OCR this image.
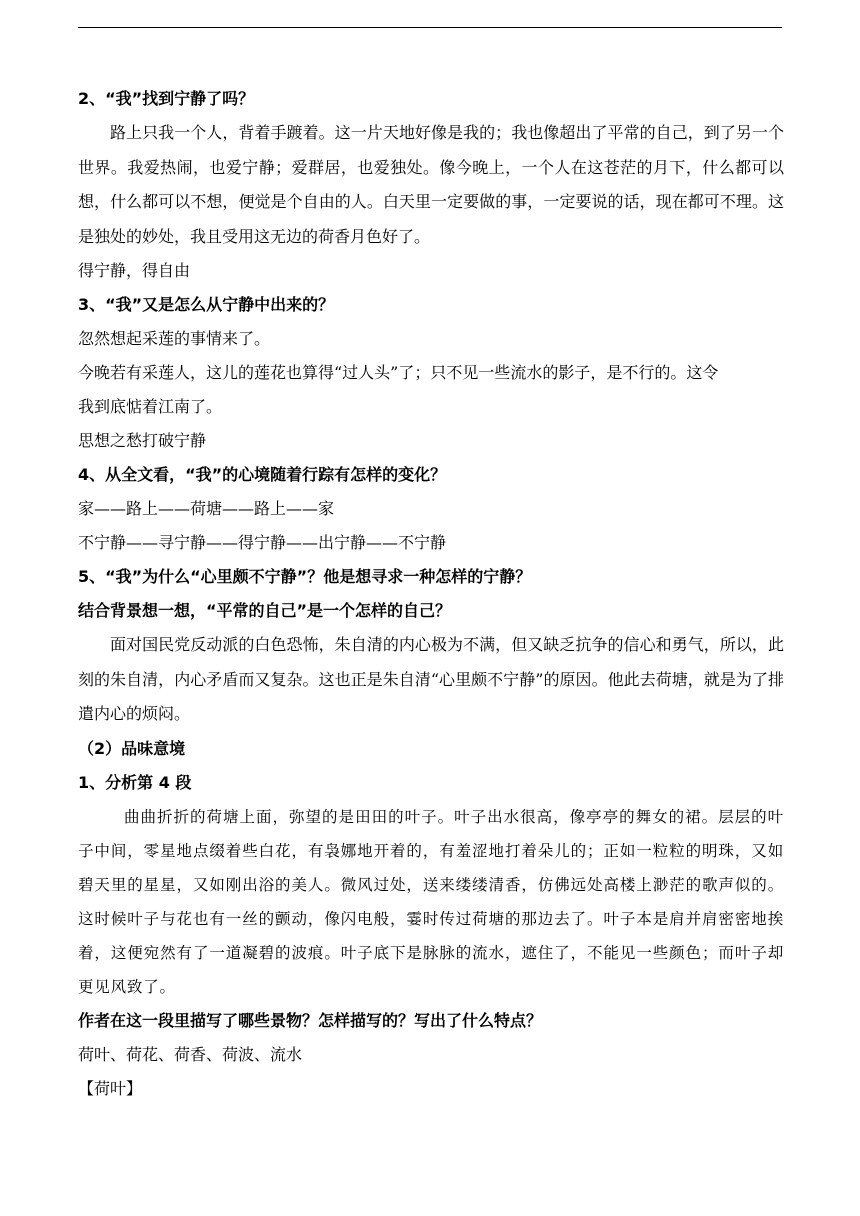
2、“我”找到宁静了吗？

路上只我一个人，背着手踱着。这一片天地好像是我的；我也像超出了平常的自己，到了另一个世界。我爱热闹，也爱宁静；爱群居，也爱独处。像今晚上，一个人在这苍茫的月下，什么都可以想，什么都可以不想，便觉是个自由的人。白天里一定要做的事，一定要说的话，现在都可不理。这是独处的妙处，我且受用这无边的荷香月色好了。

得宁静，得自由

3、“我”又是怎么从宁静中出来的？

忽然想起采莲的事情来了。

今晚若有采莲人，这儿的莲花也算得“过人头”了；只不见一些流水的影子，是不行的。这令

我到底惦着江南了。

思想之愁打破宁静

4、从全文看，“我”的心境随着行踪有怎样的变化？

家——路上——荷塘——路上——家

不宁静——寻宁静——得宁静——出宁静——不宁静

5、“我”为什么“心里颇不宁静”？他是想寻求一种怎样的宁静？

结合背景想一想，“平常的自己”是一个怎样的自己？

面对国民党反动派的白色恐怖，朱自清的内心极为不满，但又缺乏抗争的信心和勇气，所以，此刻的朱自清，内心矛盾而又复杂。这也正是朱自清“心里颇不宁静”的原因。他此去荷塘，就是为了排遣内心的烦闷。

（2）品味意境

1、分析第 4 段

曲曲折折的荷塘上面，弥望的是田田的叶子。叶子出水很高，像亭亭的舞女的裙。层层的叶子中间，零星地点缀着些白花，有袅娜地开着的，有羞涩地打着朵儿的；正如一粒粒的明珠，又如碧天里的星星，又如刚出浴的美人。微风过处，送来缕缕清香，仿佛远处高楼上渺茫的歌声似的。这时候叶子与花也有一丝的颤动，像闪电般，霎时传过荷塘的那边去了。叶子本是肩并肩密密地挨着，这便宛然有了一道凝碧的波痕。叶子底下是脉脉的流水，遮住了，不能见一些颜色；而叶子却更见风致了。

作者在这一段里描写了哪些景物？怎样描写的？写出了什么特点？

荷叶、荷花、荷香、荷波、流水

【荷叶】
